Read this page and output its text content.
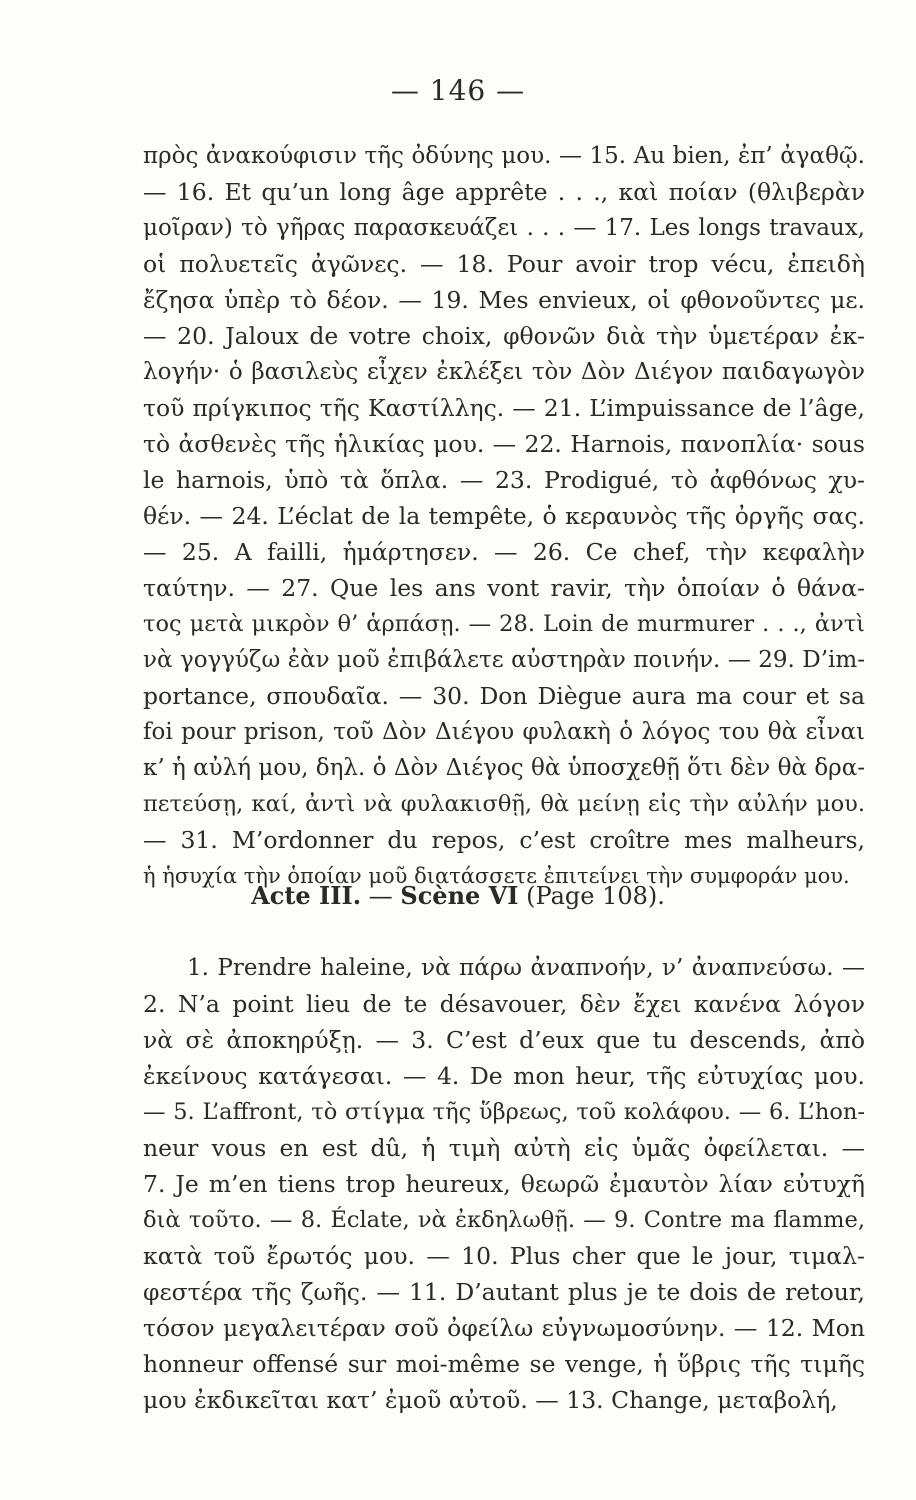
— 146 —
πρὸς ἀνακούφισιν τῆς ὀδύνης μου. — 15. Au bien, ἐπ’ ἀγαθῷ.
— 16. Et qu’un long âge apprête . . ., καὶ ποίαν (θλιβερὰν
μοῖραν) τὸ γῆρας παρασκευάζει . . . — 17. Les longs travaux,
οἱ πολυετεῖς ἀγῶνες. — 18. Pour avoir trop vécu, ἐπειδὴ
ἔζησα ὑπὲρ τὸ δέον. — 19. Mes envieux, οἱ φθονοῦντες με.
— 20. Jaloux de votre choix, φθονῶν διὰ τὴν ὑμετέραν ἐκ-
λογήν· ὁ βασιλεὺς εἶχεν ἐκλέξει τὸν Δὸν Διέγον παιδαγωγὸν
τοῦ πρίγκιπος τῆς Καστίλλης. — 21. L’impuissance de l’âge,
τὸ ἀσθενὲς τῆς ἡλικίας μου. — 22. Harnois, πανοπλία· sous
le harnois, ὑπὸ τὰ ὅπλα. — 23. Prodigué, τὸ ἀφθόνως χυ-
θέν. — 24. L’éclat de la tempête, ὁ κεραυνὸς τῆς ὀργῆς σας.
— 25. A failli, ἡμάρτησεν. — 26. Ce chef, τὴν κεφαλὴν
ταύτην. — 27. Que les ans vont ravir, τὴν ὁποίαν ὁ θάνα-
τος μετὰ μικρὸν θ’ ἁρπάσῃ. — 28. Loin de murmurer . . ., ἀντὶ
νὰ γογγύζω ἐὰν μοῦ ἐπιβάλετε αὐστηρὰν ποινήν. — 29. D’im-
portance, σπουδαῖα. — 30. Don Diègue aura ma cour et sa
foi pour prison, τοῦ Δὸν Διέγου φυλακὴ ὁ λόγος του θὰ εἶναι
κ’ ἡ αὐλή μου, δηλ. ὁ Δὸν Διέγος θὰ ὑποσχεθῇ ὅτι δὲν θὰ δρα-
πετεύσῃ, καί, ἀντὶ νὰ φυλακισθῇ, θὰ μείνῃ εἰς τὴν αὐλήν μου.
— 31. M’ordonner du repos, c’est croître mes malheurs,
ἡ ἡσυχία τὴν ὁποίαν μοῦ διατάσσετε ἐπιτείνει τὴν συμφοράν μου.
Acte III. — Scène VI (Page 108).
1. Prendre haleine, νὰ πάρω ἀναπνοήν, ν’ ἀναπνεύσω. —
2. N’a point lieu de te désavouer, δὲν ἔχει κανένα λόγον
νὰ σὲ ἀποκηρύξῃ. — 3. C’est d’eux que tu descends, ἀπὸ
ἐκείνους κατάγεσαι. — 4. De mon heur, τῆς εὐτυχίας μου.
— 5. L’affront, τὸ στίγμα τῆς ὕβρεως, τοῦ κολάφου. — 6. L’hon-
neur vous en est dû, ἡ τιμὴ αὐτὴ εἰς ὑμᾶς ὀφείλεται. —
7. Je m’en tiens trop heureux, θεωρῶ ἐμαυτὸν λίαν εὐτυχῆ
διὰ τοῦτο. — 8. Éclate, νὰ ἐκδηλωθῇ. — 9. Contre ma flamme,
κατὰ τοῦ ἔρωτός μου. — 10. Plus cher que le jour, τιμαλ-
φεστέρα τῆς ζωῆς. — 11. D’autant plus je te dois de retour,
τόσον μεγαλειτέραν σοῦ ὀφείλω εὐγνωμοσύνην. — 12. Mon
honneur offensé sur moi-même se venge, ἡ ὕβρις τῆς τιμῆς
μου ἐκδικεῖται κατ’ ἐμοῦ αὐτοῦ. — 13. Change, μεταβολή,
